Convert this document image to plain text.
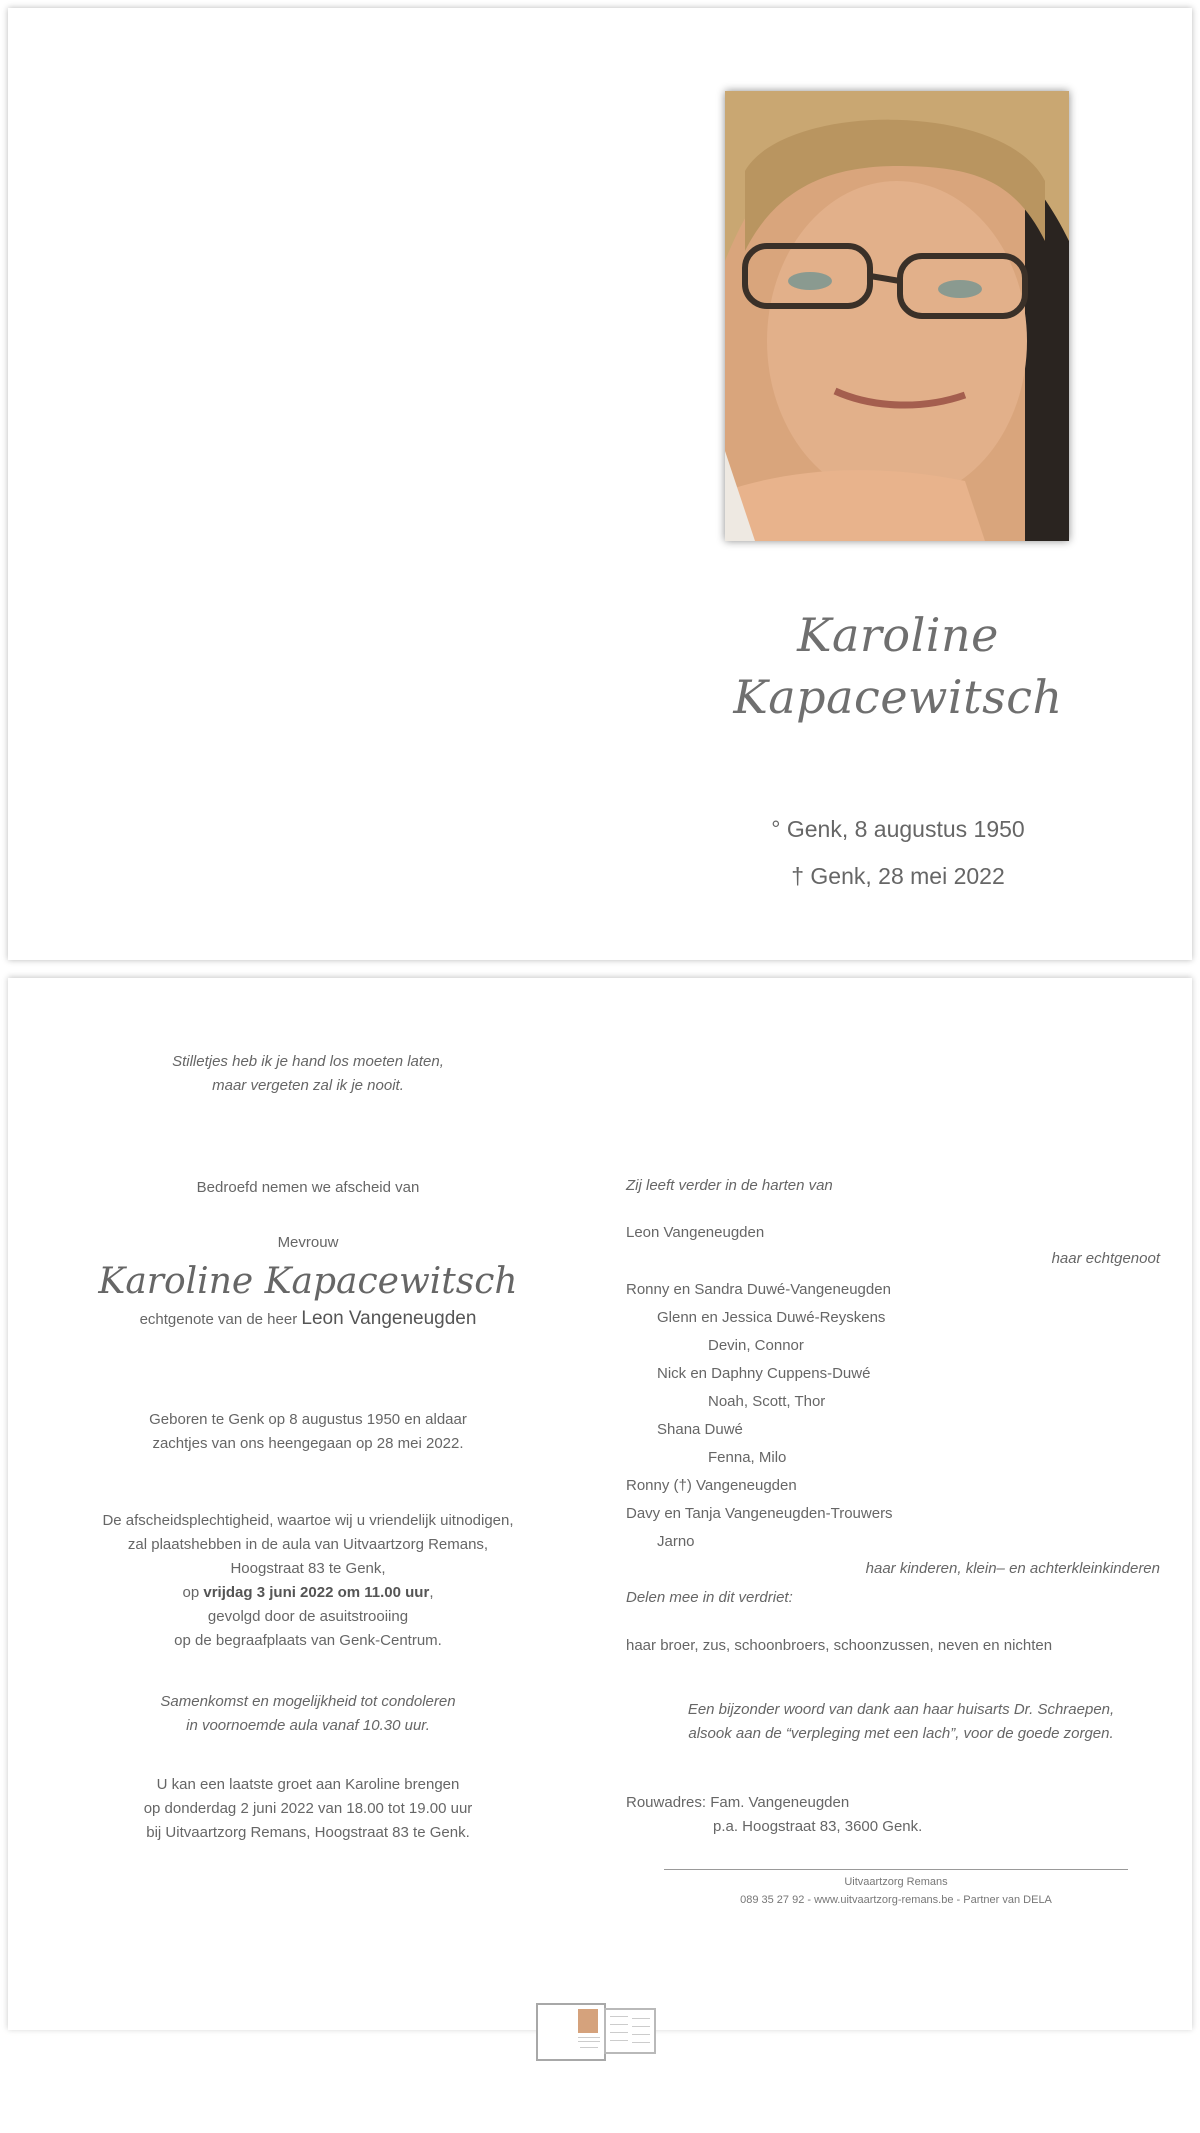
Karoline
Kapacewitsch
° Genk, 8 augustus 1950
† Genk, 28 mei 2022
Stilletjes heb ik je hand los moeten laten,
maar vergeten zal ik je nooit.
Bedroefd nemen we afscheid van
Mevrouw
Karoline Kapacewitsch
echtgenote van de heer Leon Vangeneugden
Geboren te Genk op 8 augustus 1950 en aldaar
zachtjes van ons heengegaan op 28 mei 2022.
De afscheidsplechtigheid, waartoe wij u vriendelijk uitnodigen,
zal plaatshebben in de aula van Uitvaartzorg Remans,
Hoogstraat 83 te Genk,
op vrijdag 3 juni 2022 om 11.00 uur,
gevolgd door de asuitstrooiing
op de begraafplaats van Genk-Centrum.
Samenkomst en mogelijkheid tot condoleren
in voornoemde aula vanaf 10.30 uur.
U kan een laatste groet aan Karoline brengen
op donderdag 2 juni 2022 van 18.00 tot 19.00 uur
bij Uitvaartzorg Remans, Hoogstraat 83 te Genk.
Zij leeft verder in de harten van
Leon Vangeneugden
haar echtgenoot
Ronny en Sandra Duwé-Vangeneugden
Glenn en Jessica Duwé-Reyskens
Devin, Connor
Nick en Daphny Cuppens-Duwé
Noah, Scott, Thor
Shana Duwé
Fenna, Milo
Ronny (†) Vangeneugden
Davy en Tanja Vangeneugden-Trouwers
Jarno
haar kinderen, klein– en achterkleinkinderen
Delen mee in dit verdriet:
haar broer, zus, schoonbroers, schoonzussen, neven en nichten
Een bijzonder woord van dank aan haar huisarts Dr. Schraepen,
alsook aan de “verpleging met een lach”, voor de goede zorgen.
Rouwadres: Fam. Vangeneugden
p.a. Hoogstraat 83, 3600 Genk.
Uitvaartzorg Remans
089 35 27 92 - www.uitvaartzorg-remans.be - Partner van DELA
